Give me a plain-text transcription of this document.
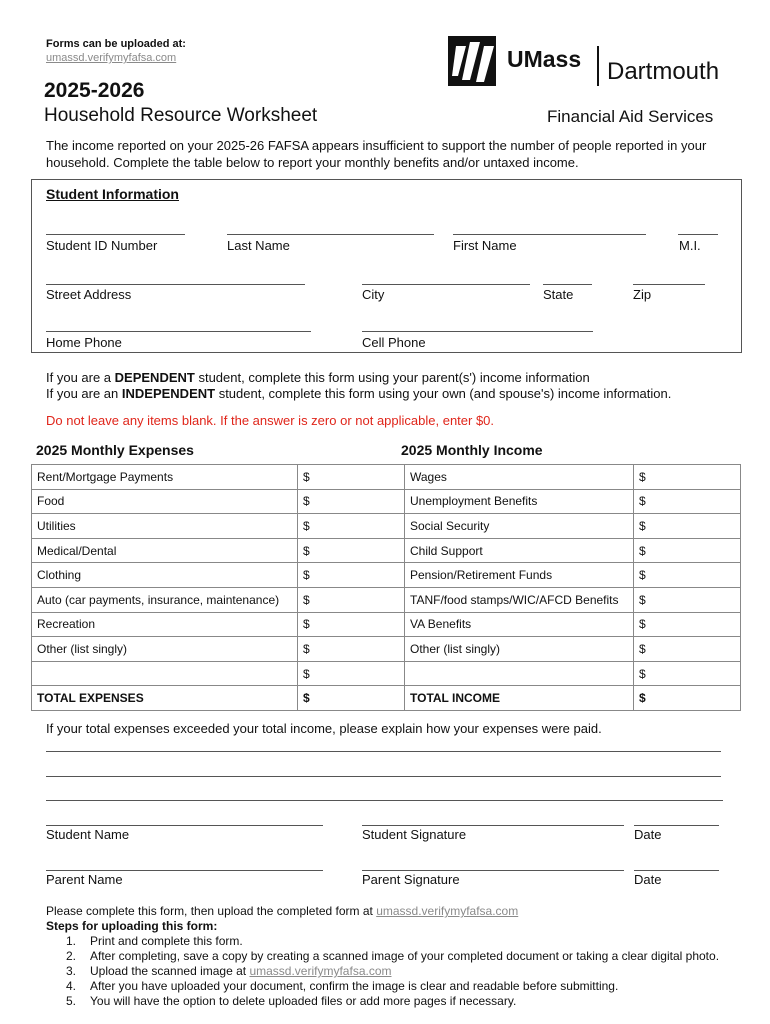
Forms can be uploaded at:
umassd.verifymyfafsa.com	UMass Dartmouth
2025-2026
Household Resource Worksheet	Financial Aid Services
The income reported on your 2025-26 FAFSA appears insufficient to support the number of people reported in your household. Complete the table below to report your monthly benefits and/or untaxed income.
Student Information
Student ID Number	Last Name	First Name	M.I.
Street Address	City	State	Zip
Home Phone	Cell Phone
If you are a DEPENDENT student, complete this form using your parent(s') income information
If you are an INDEPENDENT student, complete this form using your own (and spouse's) income information.
Do not leave any items blank. If the answer is zero or not applicable, enter $0.
2025 Monthly Expenses	2025 Monthly Income
Rent/Mortgage Payments	$	Wages	$
Food	$	Unemployment Benefits	$
Utilities	$	Social Security	$
Medical/Dental	$	Child Support	$
Clothing	$	Pension/Retirement Funds	$
Auto (car payments, insurance, maintenance)	$	TANF/food stamps/WIC/AFCD Benefits	$
Recreation	$	VA Benefits	$
Other (list singly)	$	Other (list singly)	$
	$		$
TOTAL EXPENSES	$	TOTAL INCOME	$
If your total expenses exceeded your total income, please explain how your expenses were paid.
Student Name	Student Signature	Date
Parent Name	Parent Signature	Date
Please complete this form, then upload the completed form at umassd.verifymyfafsa.com
Steps for uploading this form:
1. Print and complete this form.
2. After completing, save a copy by creating a scanned image of your completed document or taking a clear digital photo.
3. Upload the scanned image at umassd.verifymyfafsa.com
4. After you have uploaded your document, confirm the image is clear and readable before submitting.
5. You will have the option to delete uploaded files or add more pages if necessary.
